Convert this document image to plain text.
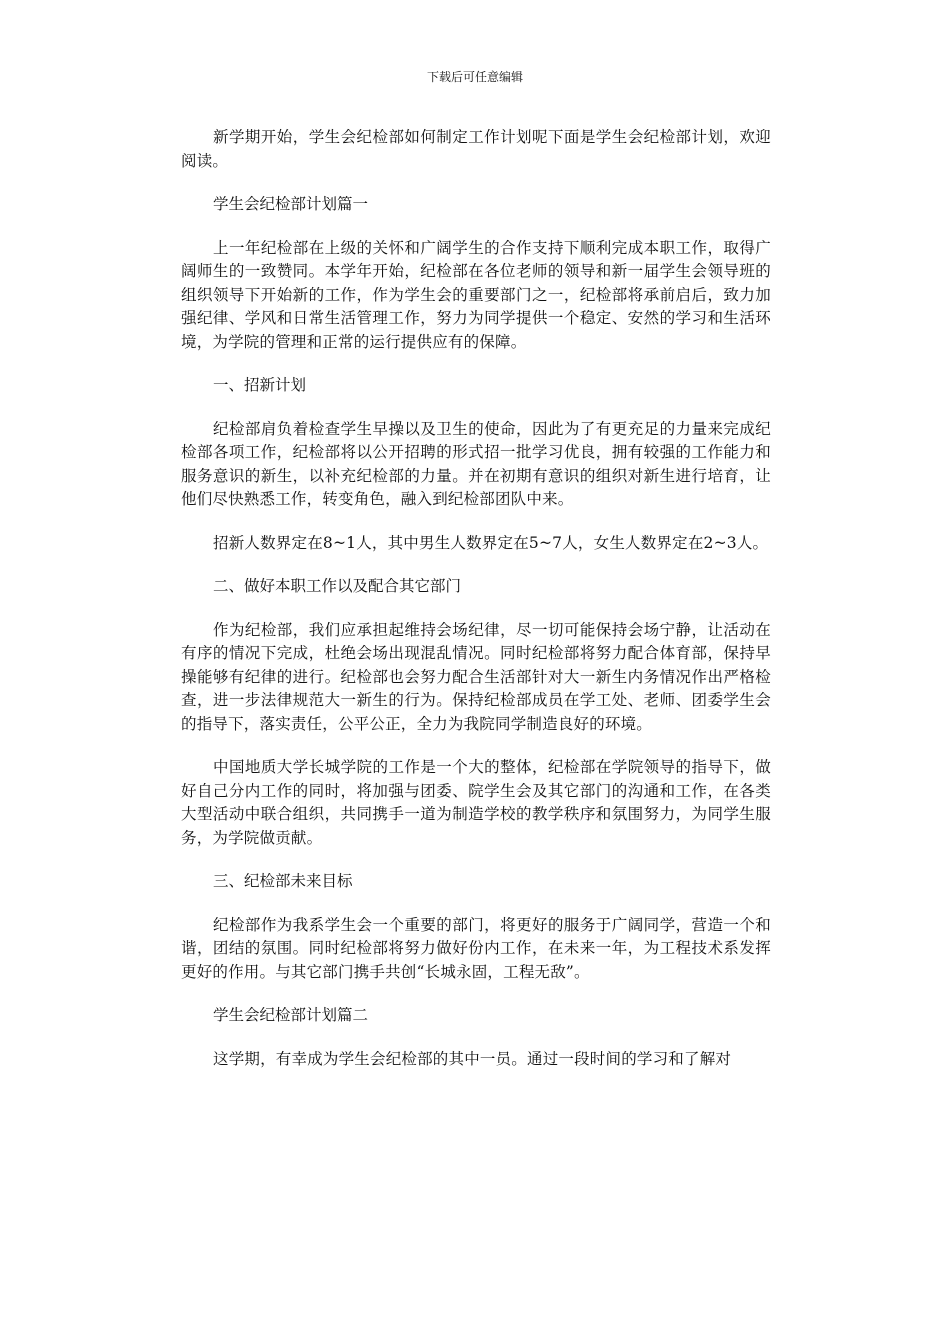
下载后可任意编辑

新学期开始，学生会纪检部如何制定工作计划呢下面是学生会纪检部计划，欢迎阅读。

学生会纪检部计划篇一

上一年纪检部在上级的关怀和广阔学生的合作支持下顺利完成本职工作，取得广阔师生的一致赞同。本学年开始，纪检部在各位老师的领导和新一届学生会领导班的组织领导下开始新的工作，作为学生会的重要部门之一，纪检部将承前启后，致力加强纪律、学风和日常生活管理工作，努力为同学提供一个稳定、安然的学习和生活环境，为学院的管理和正常的运行提供应有的保障。

一、招新计划

纪检部肩负着检查学生早操以及卫生的使命，因此为了有更充足的力量来完成纪检部各项工作，纪检部将以公开招聘的形式招一批学习优良，拥有较强的工作能力和服务意识的新生，以补充纪检部的力量。并在初期有意识的组织对新生进行培育，让他们尽快熟悉工作，转变角色，融入到纪检部团队中来。

招新人数界定在8~1人，其中男生人数界定在5~7人，女生人数界定在2~3人。

二、做好本职工作以及配合其它部门

作为纪检部，我们应承担起维持会场纪律，尽一切可能保持会场宁静，让活动在有序的情况下完成，杜绝会场出现混乱情况。同时纪检部将努力配合体育部，保持早操能够有纪律的进行。纪检部也会努力配合生活部针对大一新生内务情况作出严格检查，进一步法律规范大一新生的行为。保持纪检部成员在学工处、老师、团委学生会的指导下，落实责任，公平公正，全力为我院同学制造良好的环境。

中国地质大学长城学院的工作是一个大的整体，纪检部在学院领导的指导下，做好自己分内工作的同时，将加强与团委、院学生会及其它部门的沟通和工作，在各类大型活动中联合组织，共同携手一道为制造学校的教学秩序和氛围努力，为同学生服务，为学院做贡献。

三、纪检部未来目标

纪检部作为我系学生会一个重要的部门，将更好的服务于广阔同学，营造一个和谐，团结的氛围。同时纪检部将努力做好份内工作，在未来一年，为工程技术系发挥更好的作用。与其它部门携手共创“长城永固，工程无敌”。

学生会纪检部计划篇二

这学期，有幸成为学生会纪检部的其中一员。通过一段时间的学习和了解对
